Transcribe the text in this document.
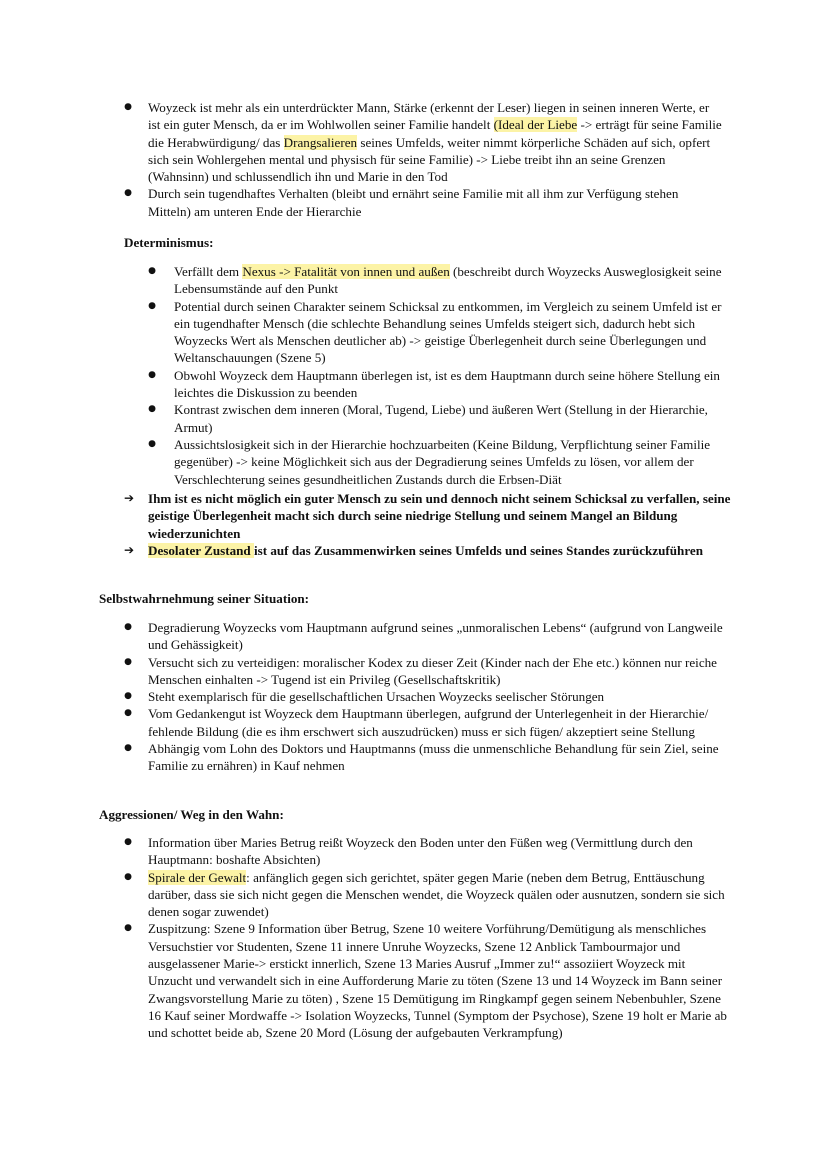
● Woyzeck ist mehr als ein unterdrückter Mann, Stärke (erkennt der Leser) liegen in seinen inneren Werte, er ist ein guter Mensch, da er im Wohlwollen seiner Familie handelt (Ideal der Liebe -> erträgt für seine Familie die Herabwürdigung/ das Drangsalieren seines Umfelds, weiter nimmt körperliche Schäden auf sich, opfert sich sein Wohlergehen mental und physisch für seine Familie) -> Liebe treibt ihn an seine Grenzen (Wahnsinn) und schlussendlich ihn und Marie in den Tod
● Durch sein tugendhaftes Verhalten (bleibt und ernährt seine Familie mit all ihm zur Verfügung stehen Mitteln) am unteren Ende der Hierarchie
Determinismus:
● Verfällt dem Nexus -> Fatalität von innen und außen (beschreibt durch Woyzecks Ausweglosigkeit seine Lebensumstände auf den Punkt
● Potential durch seinen Charakter seinem Schicksal zu entkommen, im Vergleich zu seinem Umfeld ist er ein tugendhafter Mensch (die schlechte Behandlung seines Umfelds steigert sich, dadurch hebt sich Woyzecks Wert als Menschen deutlicher ab) -> geistige Überlegenheit durch seine Überlegungen und Weltanschauungen (Szene 5)
● Obwohl Woyzeck dem Hauptmann überlegen ist, ist es dem Hauptmann durch seine höhere Stellung ein leichtes die Diskussion zu beenden
● Kontrast zwischen dem inneren (Moral, Tugend, Liebe) und äußeren Wert (Stellung in der Hierarchie, Armut)
● Aussichtslosigkeit sich in der Hierarchie hochzuarbeiten (Keine Bildung, Verpflichtung seiner Familie gegenüber) -> keine Möglichkeit sich aus der Degradierung seines Umfelds zu lösen, vor allem der Verschlechterung seines gesundheitlichen Zustands durch die Erbsen-Diät
➔ Ihm ist es nicht möglich ein guter Mensch zu sein und dennoch nicht seinem Schicksal zu verfallen, seine geistige Überlegenheit macht sich durch seine niedrige Stellung und seinem Mangel an Bildung wiederzunichten
➔ Desolater Zustand ist auf das Zusammenwirken seines Umfelds und seines Standes zurückzuführen
Selbstwahrnehmung seiner Situation:
● Degradierung Woyzecks vom Hauptmann aufgrund seines „unmoralischen Lebens“ (aufgrund von Langweile und Gehässigkeit)
● Versucht sich zu verteidigen: moralischer Kodex zu dieser Zeit (Kinder nach der Ehe etc.) können nur reiche Menschen einhalten -> Tugend ist ein Privileg (Gesellschaftskritik)
● Steht exemplarisch für die gesellschaftlichen Ursachen Woyzecks seelischer Störungen
● Vom Gedankengut ist Woyzeck dem Hauptmann überlegen, aufgrund der Unterlegenheit in der Hierarchie/ fehlende Bildung (die es ihm erschwert sich auszudrücken) muss er sich fügen/ akzeptiert seine Stellung
● Abhängig vom Lohn des Doktors und Hauptmanns (muss die unmenschliche Behandlung für sein Ziel, seine Familie zu ernähren) in Kauf nehmen
Aggressionen/ Weg in den Wahn:
● Information über Maries Betrug reißt Woyzeck den Boden unter den Füßen weg (Vermittlung durch den Hauptmann: boshafte Absichten)
● Spirale der Gewalt: anfänglich gegen sich gerichtet, später gegen Marie (neben dem Betrug, Enttäuschung darüber, dass sie sich nicht gegen die Menschen wendet, die Woyzeck quälen oder ausnutzen, sondern sie sich denen sogar zuwendet)
● Zuspitzung: Szene 9 Information über Betrug, Szene 10 weitere Vorführung/Demütigung als menschliches Versuchstier vor Studenten, Szene 11 innere Unruhe Woyzecks, Szene 12 Anblick Tambourmajor und ausgelassener Marie-> erstickt innerlich, Szene 13 Maries Ausruf „Immer zu!“ assoziiert Woyzeck mit Unzucht und verwandelt sich in eine Aufforderung Marie zu töten (Szene 13 und 14 Woyzeck im Bann seiner Zwangsvorstellung Marie zu töten) , Szene 15 Demütigung im Ringkampf gegen seinem Nebenbuhler, Szene 16 Kauf seiner Mordwaffe -> Isolation Woyzecks, Tunnel (Symptom der Psychose), Szene 19 holt er Marie ab und schottet beide ab, Szene 20 Mord (Lösung der aufgebauten Verkrampfung)
